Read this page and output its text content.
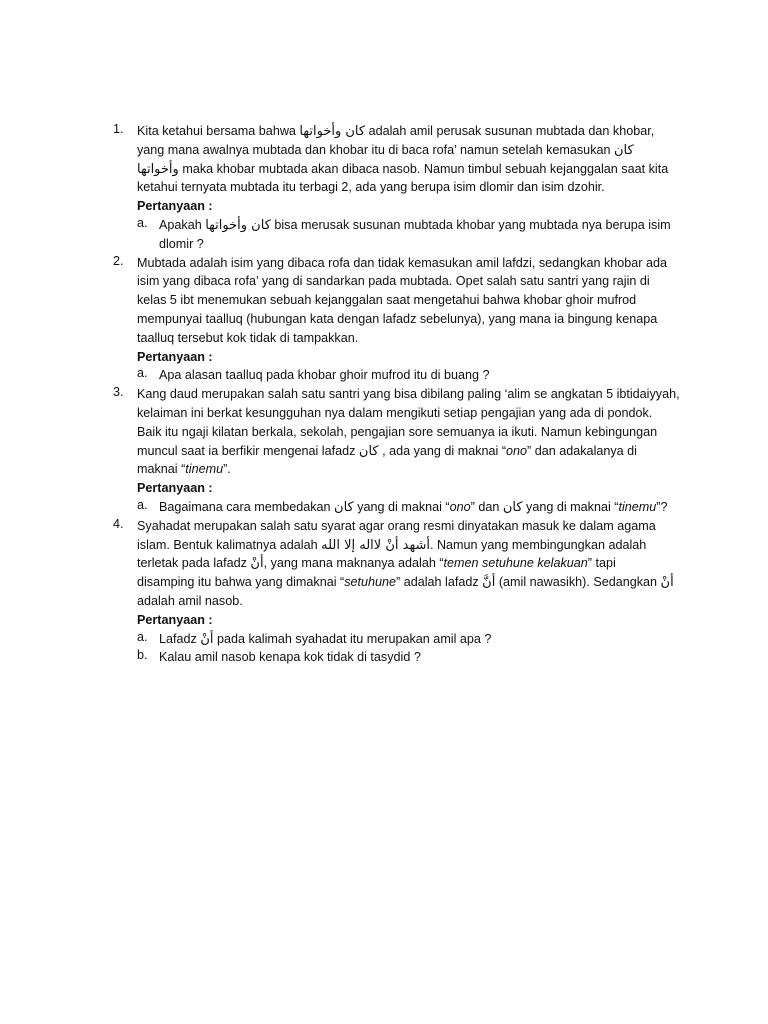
1. Kita ketahui bersama bahwa كان وأخواتها adalah amil perusak susunan mubtada dan khobar,
yang mana awalnya mubtada dan khobar itu di baca rofa’ namun setelah kemasukan كان
وأخواتها maka khobar mubtada akan dibaca nasob. Namun timbul sebuah kejanggalan saat kita
ketahui ternyata mubtada itu terbagi 2, ada yang berupa isim dlomir dan isim dzohir.
Pertanyaan :
a. Apakah كان وأخواتها bisa merusak susunan mubtada khobar yang mubtada nya berupa isim
dlomir ?
2. Mubtada adalah isim yang dibaca rofa dan tidak kemasukan amil lafdzi, sedangkan khobar ada
isim yang dibaca rofa’ yang di sandarkan pada mubtada. Opet salah satu santri yang rajin di
kelas 5 ibt menemukan sebuah kejanggalan saat mengetahui bahwa khobar ghoir mufrod
mempunyai taalluq (hubungan kata dengan lafadz sebelunya), yang mana ia bingung kenapa
taalluq tersebut kok tidak di tampakkan.
Pertanyaan :
a. Apa alasan taalluq pada khobar ghoir mufrod itu di buang ?
3. Kang daud merupakan salah satu santri yang bisa dibilang paling ‘alim se angkatan 5 ibtidaiyyah,
kelaiman ini berkat kesungguhan nya dalam mengikuti setiap pengajian yang ada di pondok.
Baik itu ngaji kilatan berkala, sekolah, pengajian sore semuanya ia ikuti. Namun kebingungan
muncul saat ia berfikir mengenai lafadz كان , ada yang di maknai “ono” dan adakalanya di
maknai “tinemu”.
Pertanyaan :
a. Bagaimana cara membedakan كان yang di maknai “ono” dan كان yang di maknai “tinemu”?
4. Syahadat merupakan salah satu syarat agar orang resmi dinyatakan masuk ke dalam agama
islam. Bentuk kalimatnya adalah أشهد أنْ لااله إلا الله. Namun yang membingungkan adalah
terletak pada lafadz أنْ, yang mana maknanya adalah “temen setuhune kelakuan” tapi
disamping itu bahwa yang dimaknai “setuhune” adalah lafadz أنَّ (amil nawasikh). Sedangkan أنْ
adalah amil nasob.
Pertanyaan :
a. Lafadz أنْ pada kalimah syahadat itu merupakan amil apa ?
b. Kalau amil nasob kenapa kok tidak di tasydid ?
